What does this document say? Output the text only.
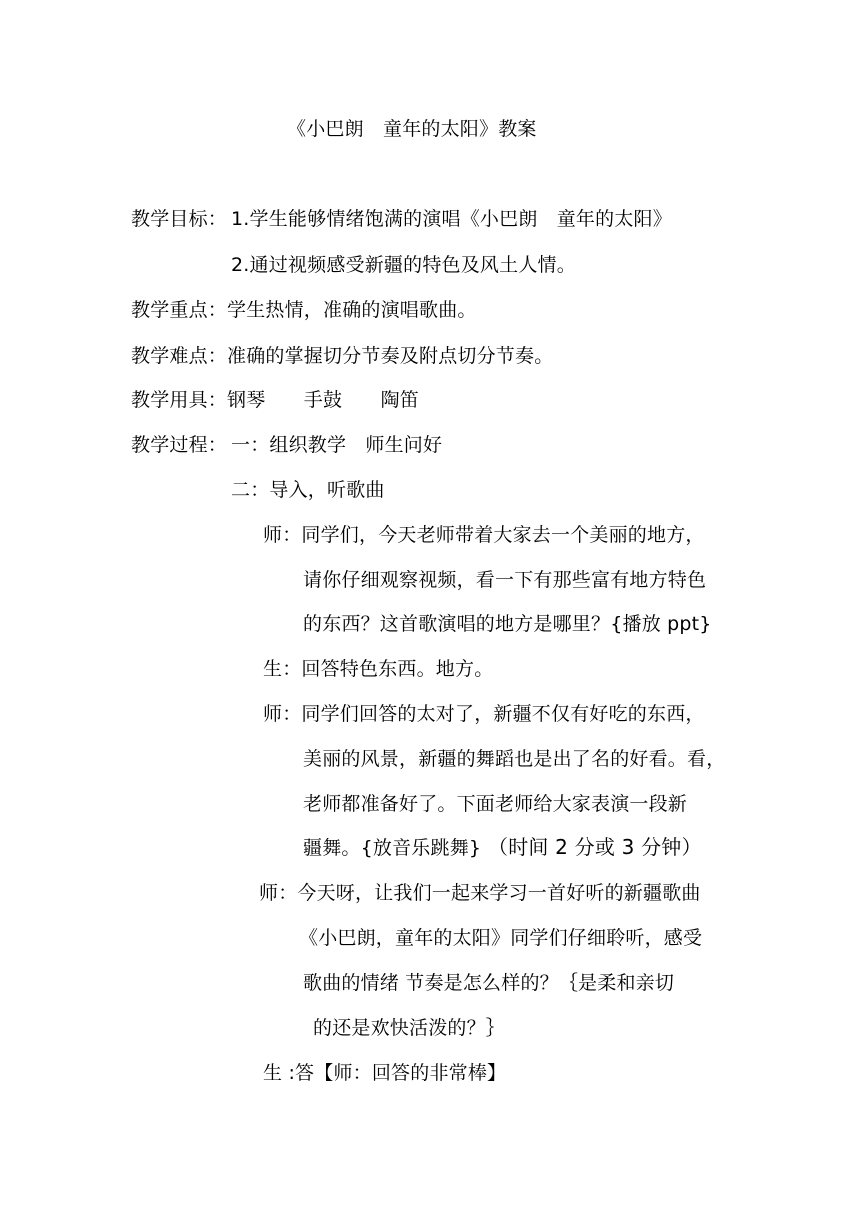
《小巴朗　童年的太阳》教案
教学目标： 1.学生能够情绪饱满的演唱《小巴朗　童年的太阳》
2.通过视频感受新疆的特色及风土人情。
教学重点：学生热情，准确的演唱歌曲。
教学难点：准确的掌握切分节奏及附点切分节奏。
教学用具：钢琴　　手鼓　　陶笛
教学过程： 一：组织教学　师生问好
二：导入，听歌曲
师：同学们，今天老师带着大家去一个美丽的地方，
请你仔细观察视频，看一下有那些富有地方特色
的东西？这首歌演唱的地方是哪里？{播放 ppt}
生：回答特色东西。地方。
师：同学们回答的太对了，新疆不仅有好吃的东西，
美丽的风景，新疆的舞蹈也是出了名的好看。看，
老师都准备好了。下面老师给大家表演一段新
疆舞。{放音乐跳舞} （时间 2 分或 3 分钟）
师：今天呀，让我们一起来学习一首好听的新疆歌曲
《小巴朗，童年的太阳》同学们仔细聆听，感受
歌曲的情绪 节奏是怎么样的？｛是柔和亲切
的还是欢快活泼的？｝
生 :答【师：回答的非常棒】
